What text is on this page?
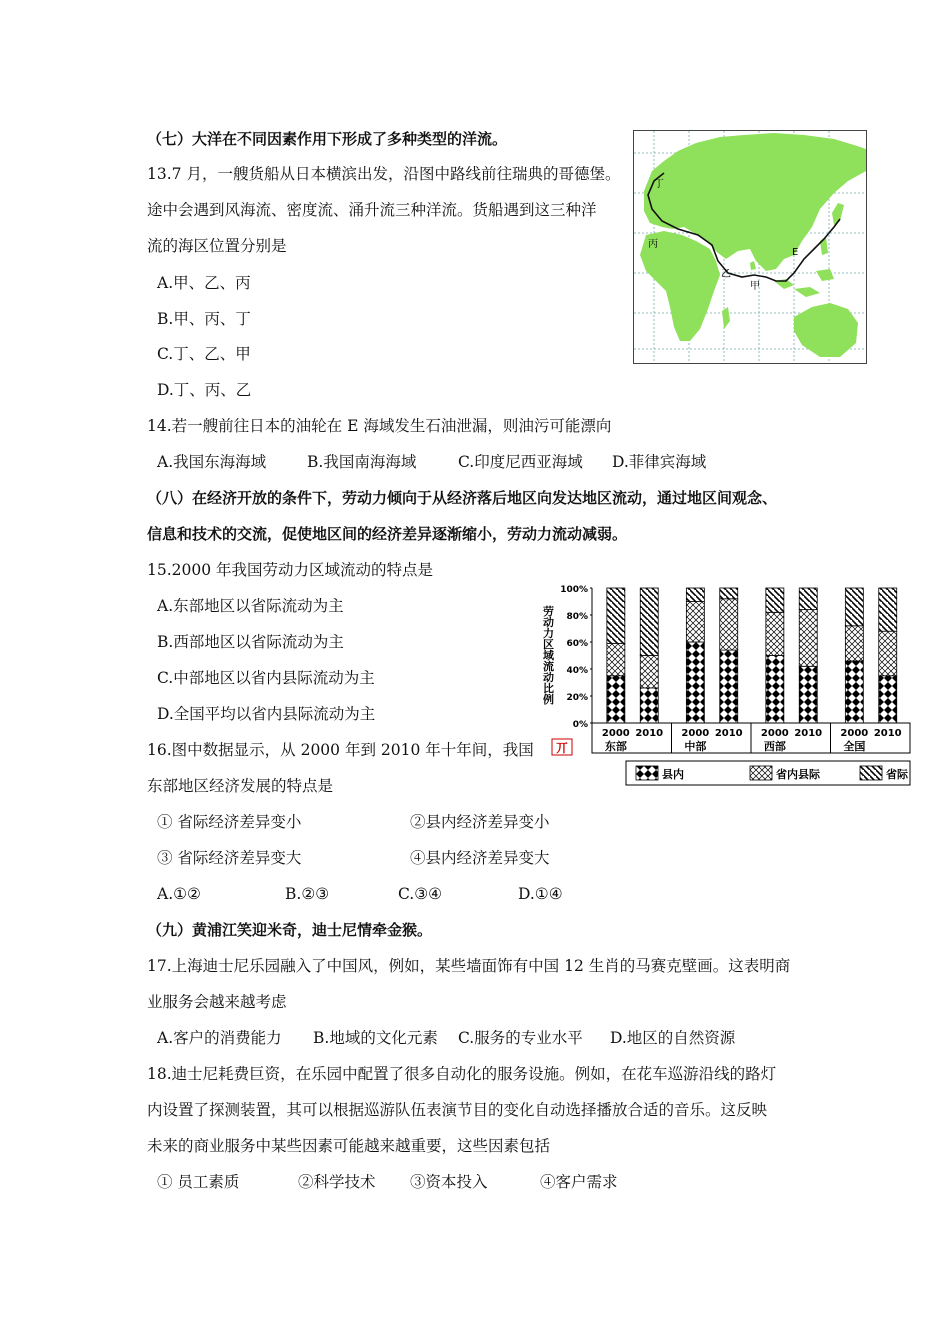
（七）大洋在不同因素作用下形成了多种类型的洋流。
13.7 月，一艘货船从日本横滨出发，沿图中路线前往瑞典的哥德堡。
途中会遇到风海流、密度流、涌升流三种洋流。货船遇到这三种洋
流的海区位置分别是
A.甲、乙、丙
B.甲、丙、丁
C.丁、乙、甲
D.丁、丙、乙
丁
丙
乙
甲
E
14.若一艘前往日本的油轮在 E 海域发生石油泄漏，则油污可能漂向
A.我国东海海域	B.我国南海海域	C.印度尼西亚海域 D.菲律宾海域
（八）在经济开放的条件下，劳动力倾向于从经济落后地区向发达地区流动，通过地区间观念、
信息和技术的交流，促使地区间的经济差异逐渐缩小，劳动力流动减弱。
15.2000 年我国劳动力区域流动的特点是
A.东部地区以省际流动为主
B.西部地区以省际流动为主
C.中部地区以省内县际流动为主
D.全国平均以省内县际流动为主
16.图中数据显示，从 2000 年到 2010 年十年间，我国
东部地区经济发展的特点是
① 省际经济差异变小	②县内经济差异变小
③ 省际经济差异变大	④县内经济差异变大
A.①②	B.②③	C.③④	D.①④
劳动力区域流动比例
0%
20%
40%
60%
80%
100%
2000 2010
东部
2000 2010
中部
2000 2010
西部
2000 2010
全国
丌
县内	省内县际	省际
（九）黄浦江笑迎米奇，迪士尼情牵金猴。
17.上海迪士尼乐园融入了中国风，例如，某些墙面饰有中国 12 生肖的马赛克壁画。这表明商
业服务会越来越考虑
A.客户的消费能力 B.地域的文化元素 C.服务的专业水平 D.地区的自然资源
18.迪士尼耗费巨资，在乐园中配置了很多自动化的服务设施。例如，在花车巡游沿线的路灯
内设置了探测装置，其可以根据巡游队伍表演节目的变化自动选择播放合适的音乐。这反映
未来的商业服务中某些因素可能越来越重要，这些因素包括
① 员工素质	②科学技术 ③资本投入	④客户需求
